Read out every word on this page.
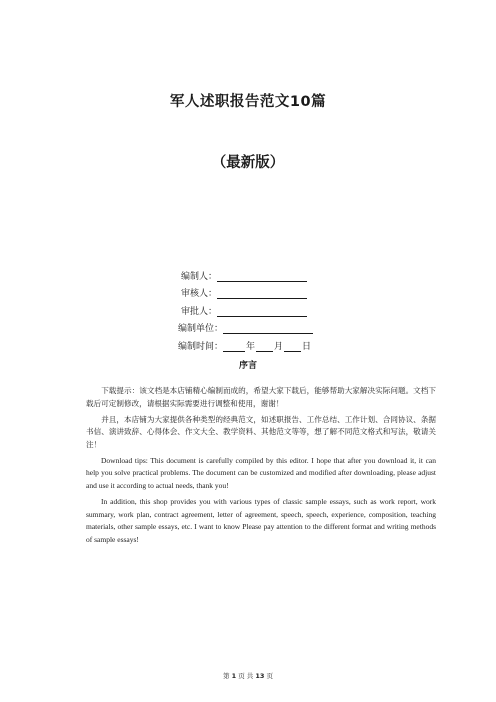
军人述职报告范文10篇
（最新版）
编制人：
审核人：
审批人：
编制单位：
编制时间：	年 月 日
序言

下载提示：该文档是本店铺精心编制而成的，希望大家下载后，能够帮助大家解决实际问题。文档下载后可定制修改，请根据实际需要进行调整和使用，谢谢！

并且，本店铺为大家提供各种类型的经典范文，如述职报告、工作总结、工作计划、合同协议、条据书信、演讲致辞、心得体会、作文大全、教学资料、其他范文等等，想了解不同范文格式和写法，敬请关注！

Download tips: This document is carefully compiled by this editor. I hope that after you download it, it can help you solve practical problems. The document can be customized and modified after downloading, please adjust and use it according to actual needs, thank you!

In addition, this shop provides you with various types of classic sample essays, such as work report, work summary, work plan, contract agreement, letter of agreement, speech, speech, experience, composition, teaching materials, other sample essays, etc. I want to know Please pay attention to the different format and writing methods of sample essays!

第 1 页 共 13 页
